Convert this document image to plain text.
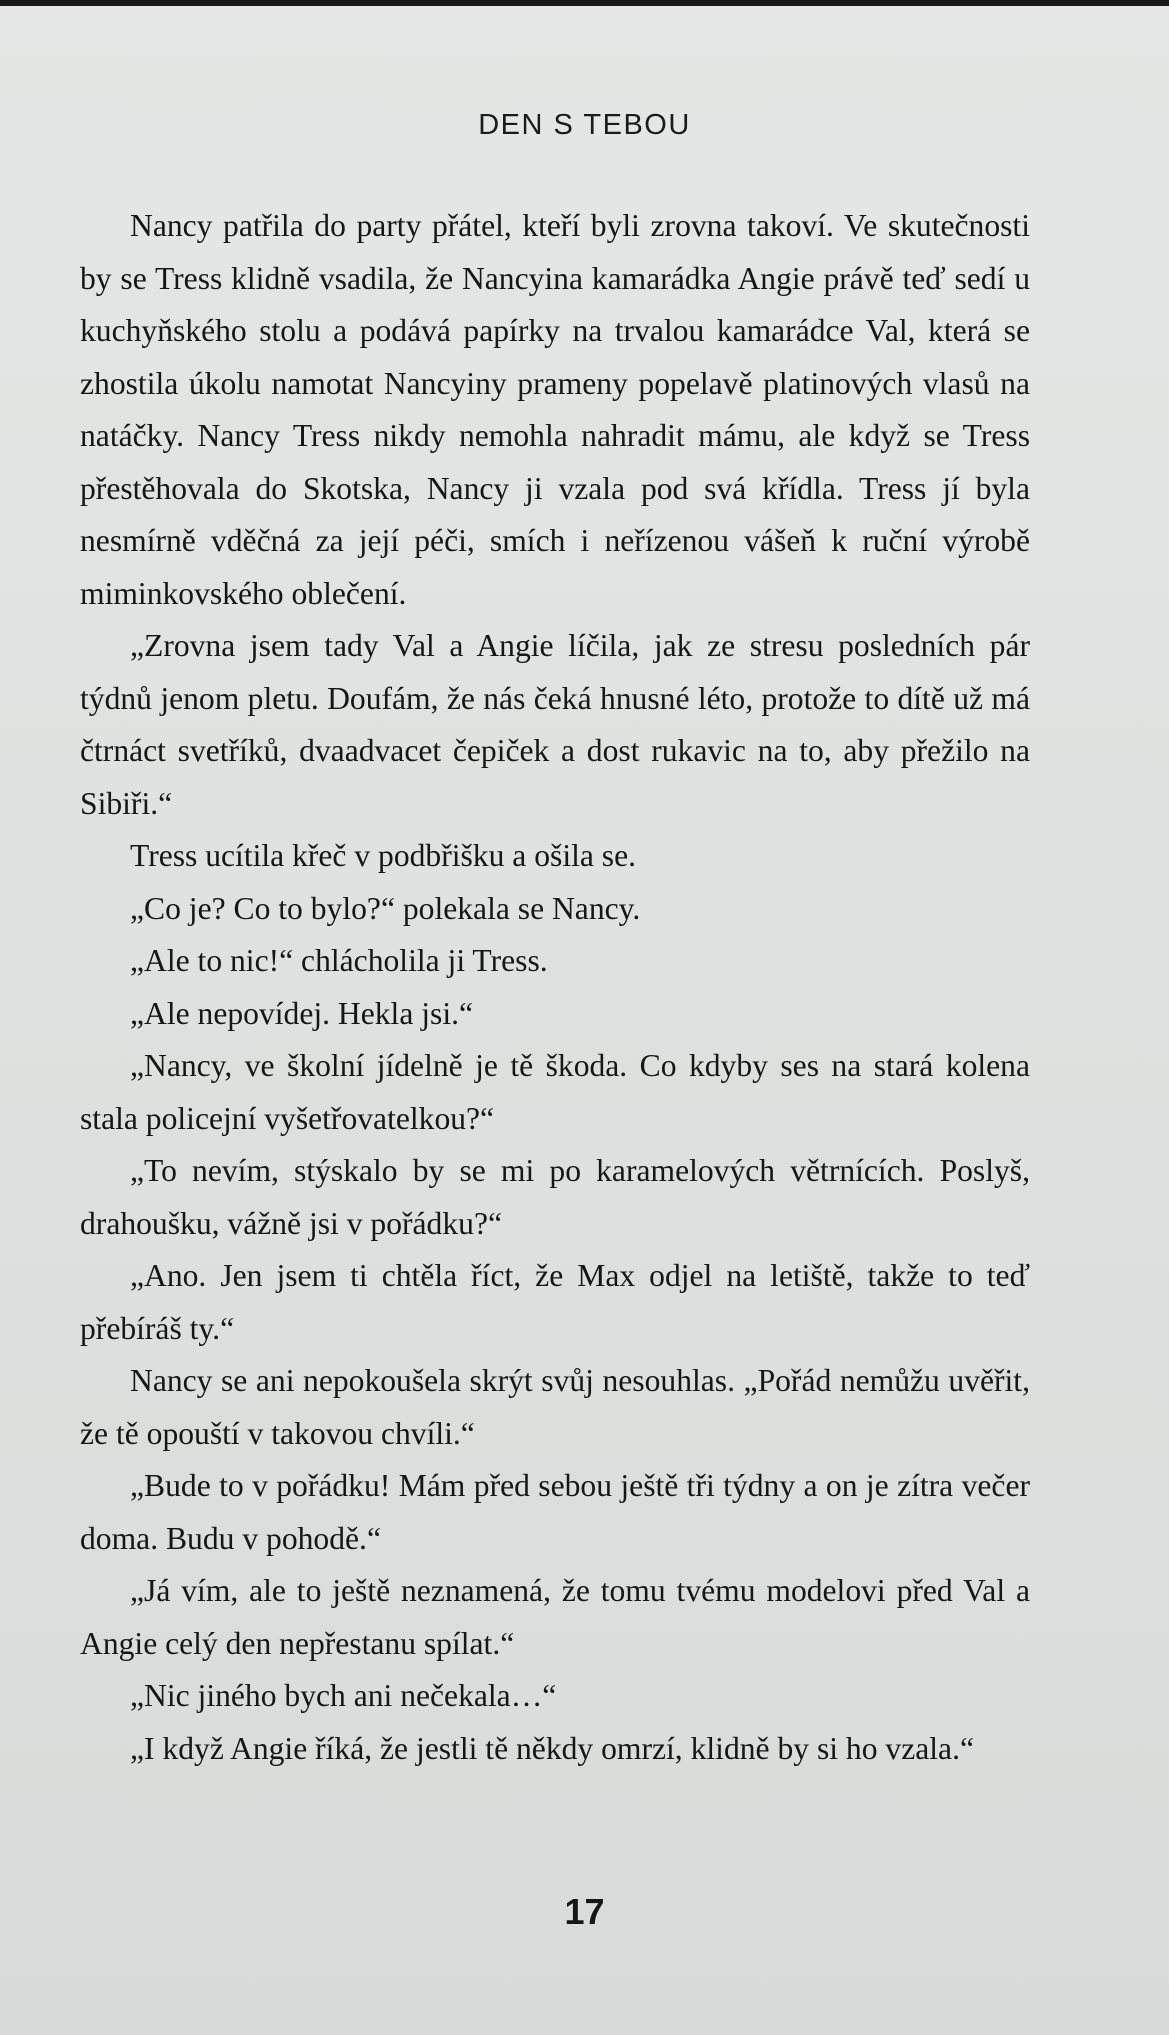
DEN S TEBOU

Nancy patřila do party přátel, kteří byli zrovna takoví. Ve skutečnosti by se Tress klidně vsadila, že Nancyina kamarádka Angie právě teď sedí u kuchyňského stolu a podává papírky na trvalou kamarádce Val, která se zhostila úkolu namotat Nancyiny prameny popelavě platinových vlasů na natáčky. Nancy Tress nikdy nemohla nahradit mámu, ale když se Tress přestěhovala do Skotska, Nancy ji vzala pod svá křídla. Tress jí byla nesmírně vděčná za její péči, smích i neřízenou vášeň k ruční výrobě miminkovského oblečení.

„Zrovna jsem tady Val a Angie líčila, jak ze stresu posledních pár týdnů jenom pletu. Doufám, že nás čeká hnusné léto, protože to dítě už má čtrnáct svetříků, dvaadvacet čepiček a dost rukavic na to, aby přežilo na Sibiři.“

Tress ucítila křeč v podbřišku a ošila se.

„Co je? Co to bylo?“ polekala se Nancy.

„Ale to nic!“ chlácholila ji Tress.

„Ale nepovídej. Hekla jsi.“

„Nancy, ve školní jídelně je tě škoda. Co kdyby ses na stará kolena stala policejní vyšetřovatelkou?“

„To nevím, stýskalo by se mi po karamelových větrnících. Poslyš, drahoušku, vážně jsi v pořádku?“

„Ano. Jen jsem ti chtěla říct, že Max odjel na letiště, takže to teď přebíráš ty.“

Nancy se ani nepokoušela skrýt svůj nesouhlas. „Pořád nemůžu uvěřit, že tě opouští v takovou chvíli.“

„Bude to v pořádku! Mám před sebou ještě tři týdny a on je zítra večer doma. Budu v pohodě.“

„Já vím, ale to ještě neznamená, že tomu tvému modelovi před Val a Angie celý den nepřestanu spílat.“

„Nic jiného bych ani nečekala…“

„I když Angie říká, že jestli tě někdy omrzí, klidně by si ho vzala.“

17
